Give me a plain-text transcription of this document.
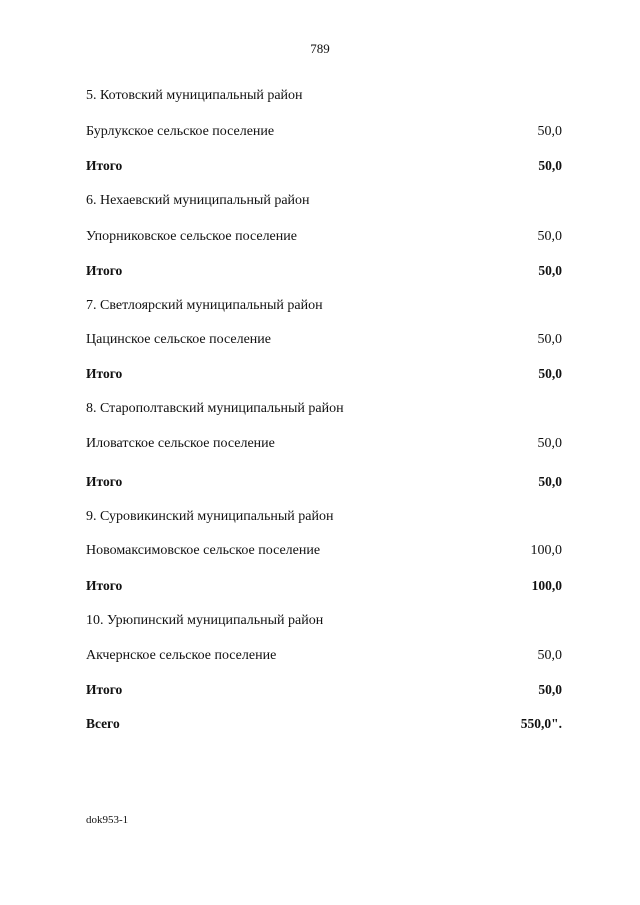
789
5. Котовский муниципальный район
Бурлукское сельское поселение	50,0
Итого	50,0
6. Нехаевский муниципальный район
Упорниковское сельское поселение	50,0
Итого	50,0
7. Светлоярский муниципальный район
Цацинское сельское поселение	50,0
Итого	50,0
8. Старополтавский муниципальный район
Иловатское сельское поселение	50,0
Итого	50,0
9. Суровикинский муниципальный район
Новомаксимовское сельское поселение	100,0
Итого	100,0
10. Урюпинский муниципальный район
Акчернское сельское поселение	50,0
Итого	50,0
Всего	550,0".
dok953-1
